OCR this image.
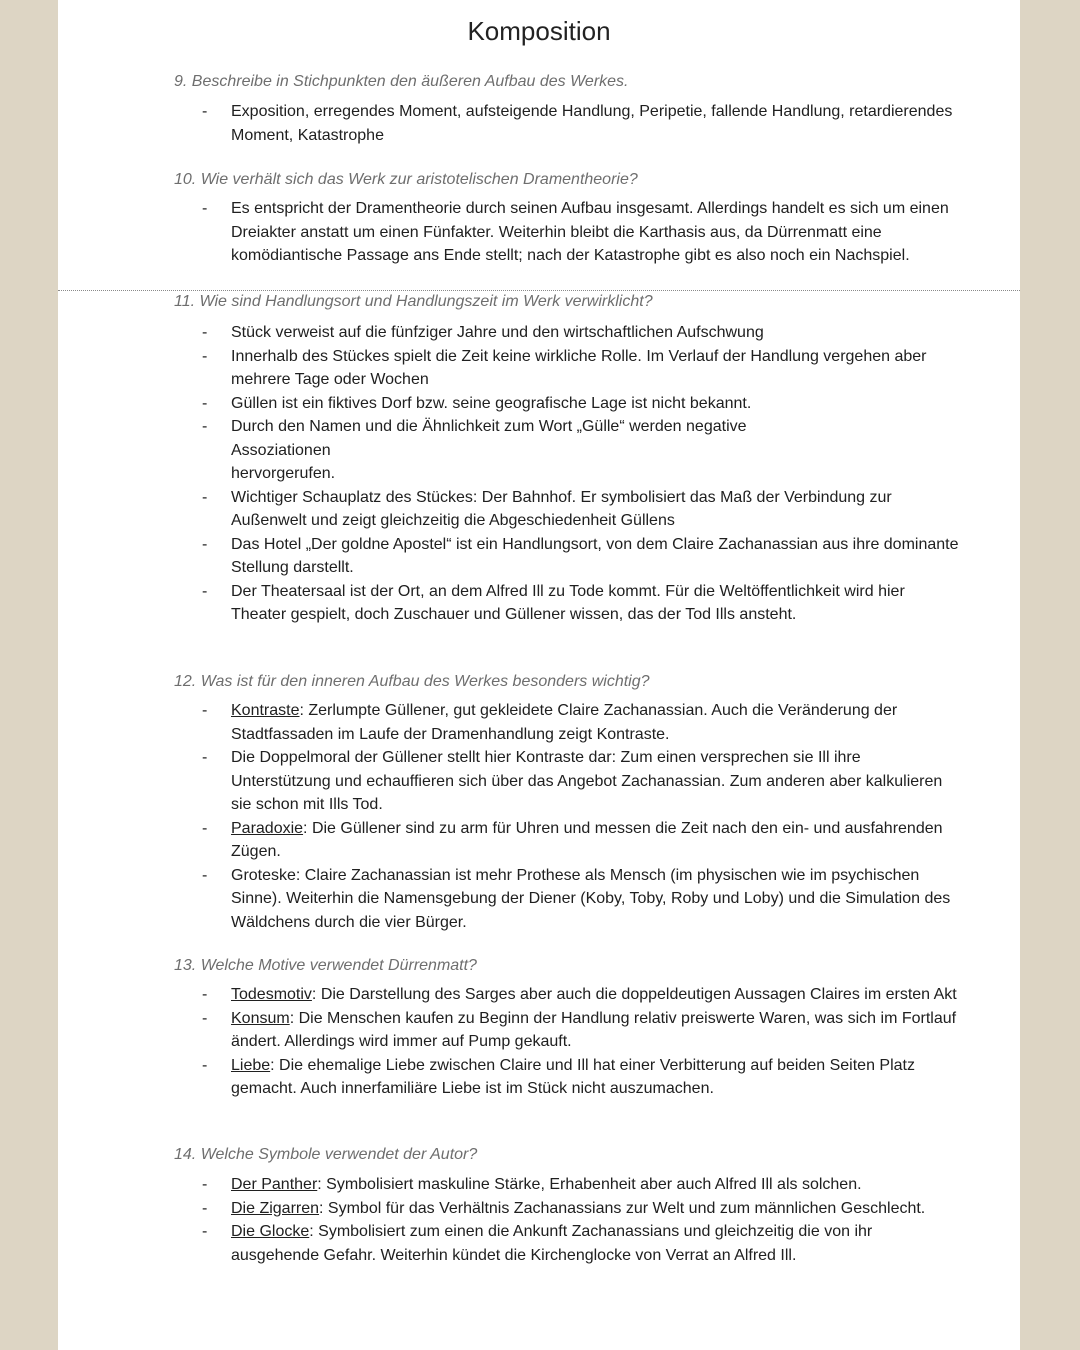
Komposition

9. Beschreibe in Stichpunkten den äußeren Aufbau des Werkes.

- Exposition, erregendes Moment, aufsteigende Handlung, Peripetie, fallende Handlung, retardierendes Moment, Katastrophe

10. Wie verhält sich das Werk zur aristotelischen Dramentheorie?

- Es entspricht der Dramentheorie durch seinen Aufbau insgesamt. Allerdings handelt es sich um einen Dreiakter anstatt um einen Fünfakter. Weiterhin bleibt die Karthasis aus, da Dürrenmatt eine komödiantische Passage ans Ende stellt; nach der Katastrophe gibt es also noch ein Nachspiel.

11. Wie sind Handlungsort und Handlungszeit im Werk verwirklicht?

- Stück verweist auf die fünfziger Jahre und den wirtschaftlichen Aufschwung
- Innerhalb des Stückes spielt die Zeit keine wirkliche Rolle. Im Verlauf der Handlung vergehen aber mehrere Tage oder Wochen
- Güllen ist ein fiktives Dorf bzw. seine geografische Lage ist nicht bekannt.
- Durch den Namen und die Ähnlichkeit zum Wort „Gülle“ werden negative Assoziationen
hervorgerufen.
- Wichtiger Schauplatz des Stückes: Der Bahnhof. Er symbolisiert das Maß der Verbindung zur Außenwelt und zeigt gleichzeitig die Abgeschiedenheit Güllens
- Das Hotel „Der goldne Apostel“ ist ein Handlungsort, von dem Claire Zachanassian aus ihre dominante Stellung darstellt.
- Der Theatersaal ist der Ort, an dem Alfred Ill zu Tode kommt. Für die Weltöffentlichkeit wird hier Theater gespielt, doch Zuschauer und Güllener wissen, das der Tod Ills ansteht.

12. Was ist für den inneren Aufbau des Werkes besonders wichtig?

- Kontraste: Zerlumpte Güllener, gut gekleidete Claire Zachanassian. Auch die Veränderung der Stadtfassaden im Laufe der Dramenhandlung zeigt Kontraste.
- Die Doppelmoral der Güllener stellt hier Kontraste dar: Zum einen versprechen sie Ill ihre Unterstützung und echauffieren sich über das Angebot Zachanassian. Zum anderen aber kalkulieren sie schon mit Ills Tod.
- Paradoxie: Die Güllener sind zu arm für Uhren und messen die Zeit nach den ein- und ausfahrenden Zügen.
- Groteske: Claire Zachanassian ist mehr Prothese als Mensch (im physischen wie im psychischen Sinne). Weiterhin die Namensgebung der Diener (Koby, Toby, Roby und Loby) und die Simulation des Wäldchens durch die vier Bürger.

13. Welche Motive verwendet Dürrenmatt?

- Todesmotiv: Die Darstellung des Sarges aber auch die doppeldeutigen Aussagen Claires im ersten Akt
- Konsum: Die Menschen kaufen zu Beginn der Handlung relativ preiswerte Waren, was sich im Fortlauf ändert. Allerdings wird immer auf Pump gekauft.
- Liebe: Die ehemalige Liebe zwischen Claire und Ill hat einer Verbitterung auf beiden Seiten Platz gemacht. Auch innerfamiliäre Liebe ist im Stück nicht auszumachen.

14. Welche Symbole verwendet der Autor?

- Der Panther: Symbolisiert maskuline Stärke, Erhabenheit aber auch Alfred Ill als solchen.
- Die Zigarren: Symbol für das Verhältnis Zachanassians zur Welt und zum männlichen Geschlecht.
- Die Glocke: Symbolisiert zum einen die Ankunft Zachanassians und gleichzeitig die von ihr ausgehende Gefahr. Weiterhin kündet die Kirchenglocke von Verrat an Alfred Ill.
